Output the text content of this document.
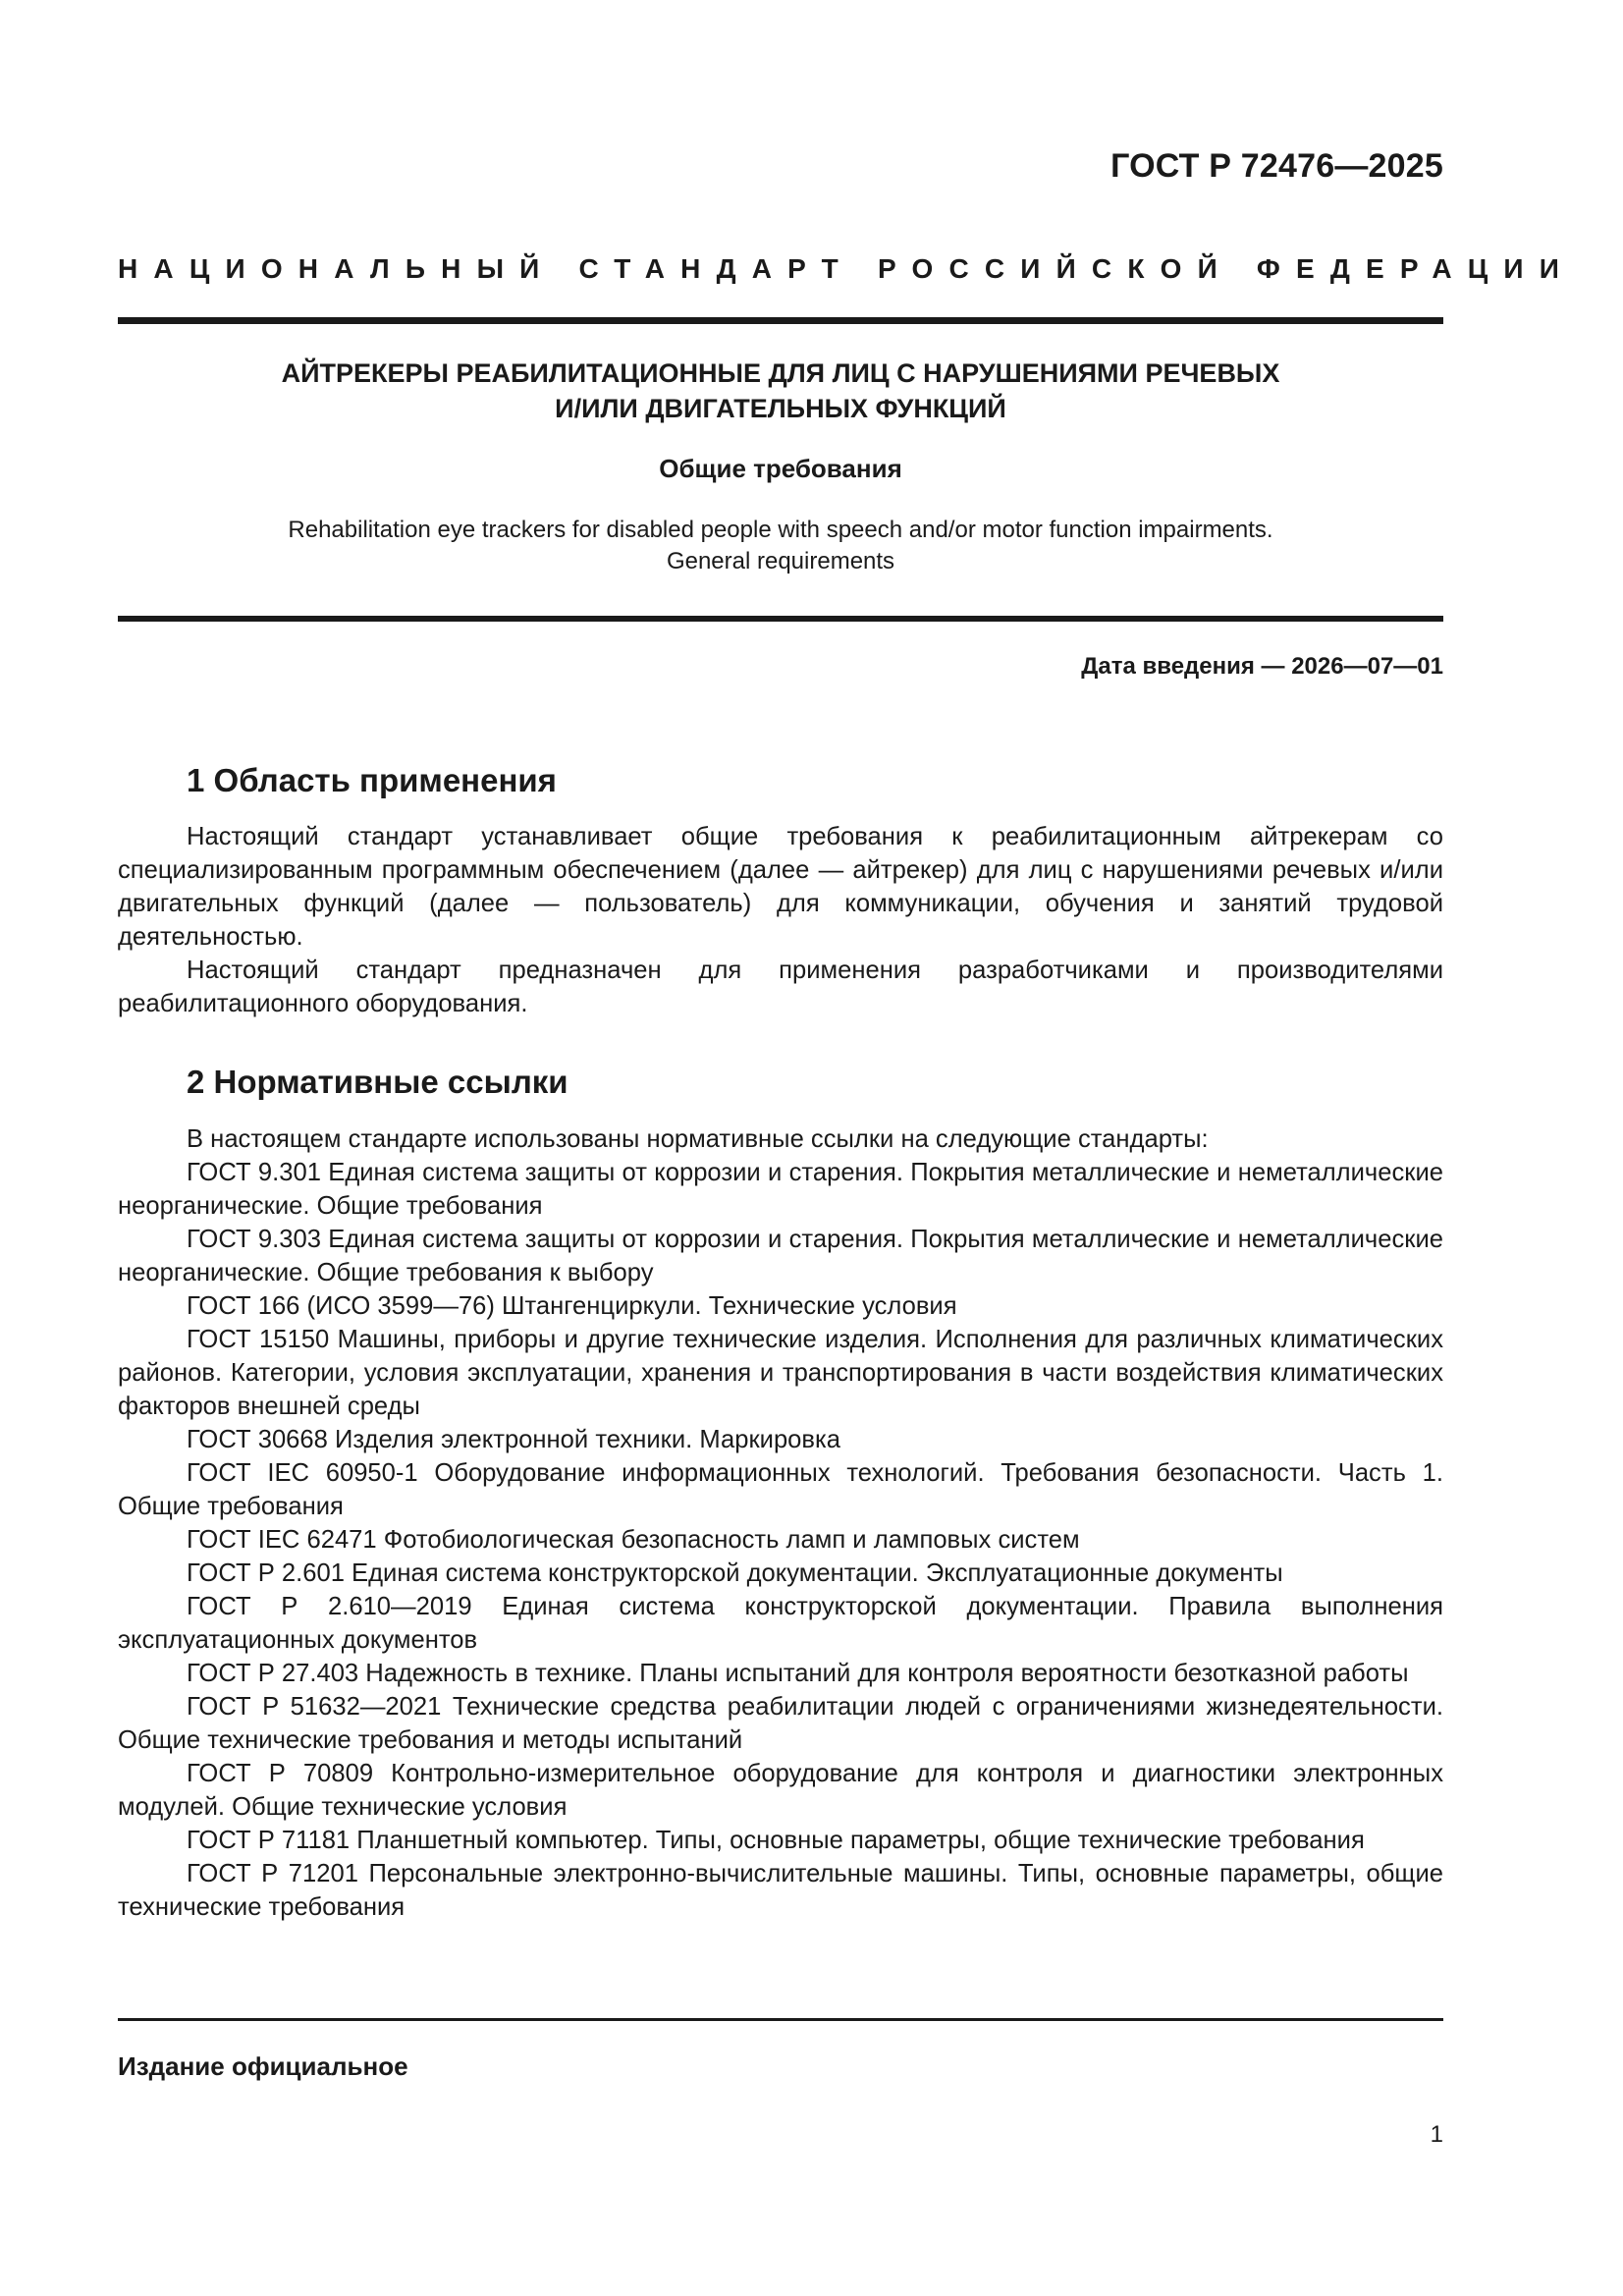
ГОСТ Р 72476—2025
НАЦИОНАЛЬНЫЙ СТАНДАРТ РОССИЙСКОЙ ФЕДЕРАЦИИ
АЙТРЕКЕРЫ РЕАБИЛИТАЦИОННЫЕ ДЛЯ ЛИЦ С НАРУШЕНИЯМИ РЕЧЕВЫХ
И/ИЛИ ДВИГАТЕЛЬНЫХ ФУНКЦИЙ
Общие требования
Rehabilitation eye trackers for disabled people with speech and/or motor function impairments.
General requirements
Дата введения — 2026—07—01
1 Область применения

Настоящий стандарт устанавливает общие требования к реабилитационным айтрекерам со специализированным программным обеспечением (далее — айтрекер) для лиц с нарушениями речевых и/или двигательных функций (далее — пользователь) для коммуникации, обучения и занятий трудовой деятельностью.

Настоящий стандарт предназначен для применения разработчиками и производителями реабилитационного оборудования.

2 Нормативные ссылки

В настоящем стандарте использованы нормативные ссылки на следующие стандарты:

ГОСТ 9.301 Единая система защиты от коррозии и старения. Покрытия металлические и неметаллические неорганические. Общие требования

ГОСТ 9.303 Единая система защиты от коррозии и старения. Покрытия металлические и неметаллические неорганические. Общие требования к выбору

ГОСТ 166 (ИСО 3599—76) Штангенциркули. Технические условия

ГОСТ 15150 Машины, приборы и другие технические изделия. Исполнения для различных климатических районов. Категории, условия эксплуатации, хранения и транспортирования в части воздействия климатических факторов внешней среды

ГОСТ 30668 Изделия электронной техники. Маркировка

ГОСТ IEC 60950-1 Оборудование информационных технологий. Требования безопасности. Часть 1. Общие требования

ГОСТ IEC 62471 Фотобиологическая безопасность ламп и ламповых систем

ГОСТ Р 2.601 Единая система конструкторской документации. Эксплуатационные документы

ГОСТ Р 2.610—2019 Единая система конструкторской документации. Правила выполнения эксплуатационных документов

ГОСТ Р 27.403 Надежность в технике. Планы испытаний для контроля вероятности безотказной работы

ГОСТ Р 51632—2021 Технические средства реабилитации людей с ограничениями жизнедеятельности. Общие технические требования и методы испытаний

ГОСТ Р 70809 Контрольно-измерительное оборудование для контроля и диагностики электронных модулей. Общие технические условия

ГОСТ Р 71181 Планшетный компьютер. Типы, основные параметры, общие технические требования

ГОСТ Р 71201 Персональные электронно-вычислительные машины. Типы, основные параметры, общие технические требования

Издание официальное
1
